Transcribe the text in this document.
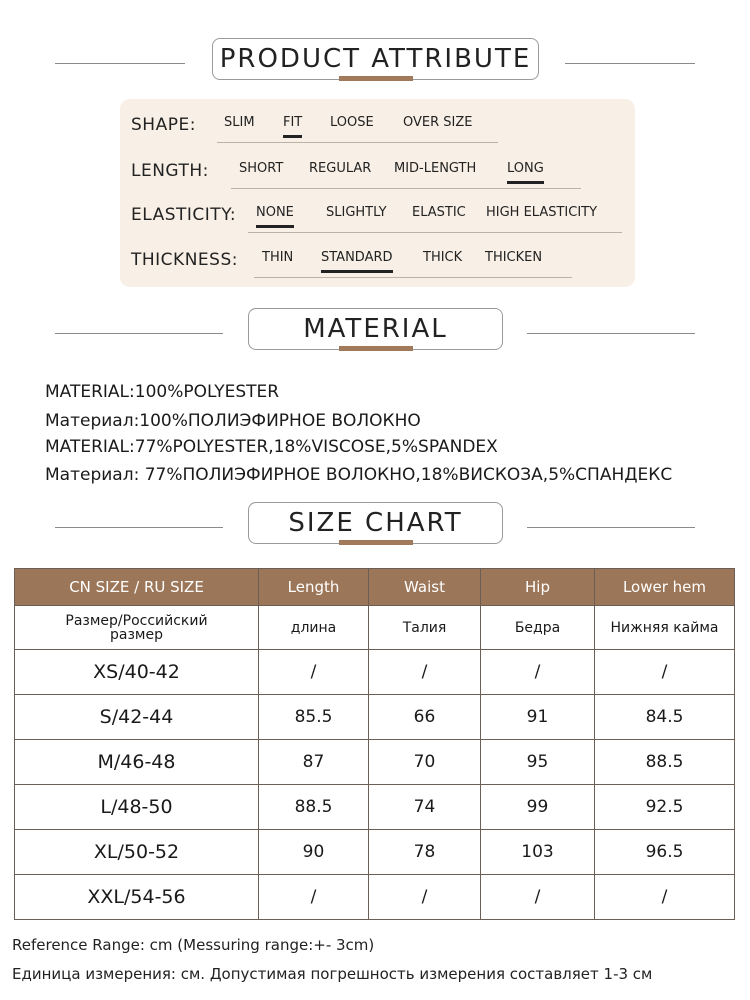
PRODUCT ATTRIBUTE
SHAPE: SLIM FIT LOOSE OVER SIZE
LENGTH: SHORT REGULAR MID-LENGTH LONG
ELASTICITY: NONE SLIGHTLY ELASTIC HIGH ELASTICITY
THICKNESS: THIN STANDARD THICK THICKEN
MATERIAL
MATERIAL:100%POLYESTER
Материал:100%ПОЛИЭФИРНОЕ ВОЛОКНО
MATERIAL:77%POLYESTER,18%VISCOSE,5%SPANDEX
Материал: 77%ПОЛИЭФИРНОЕ ВОЛОКНО,18%ВИСКОЗА,5%СПАНДЕКС
SIZE CHART
CN SIZE / RU SIZE	Length	Waist	Hip	Lower hem
Размер/Российский размер	длина	Талия	Бедра	Нижняя кайма
XS/40-42	/	/	/	/
S/42-44	85.5	66	91	84.5
M/46-48	87	70	95	88.5
L/48-50	88.5	74	99	92.5
XL/50-52	90	78	103	96.5
XXL/54-56	/	/	/	/
Reference Range: cm (Messuring range:+- 3cm)
Единица измерения: см. Допустимая погрешность измерения составляет 1-3 см
